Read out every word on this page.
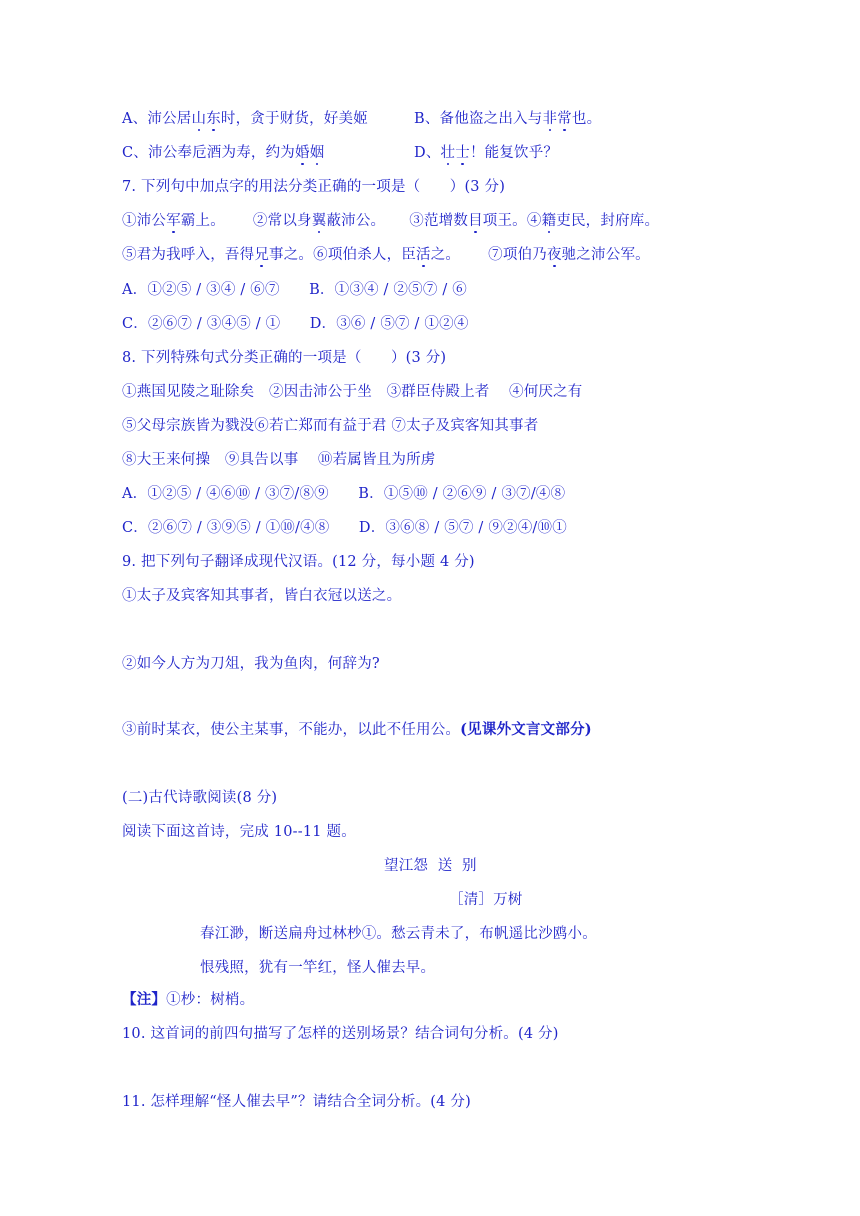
A、沛公居山东时，贪于财货，好美姬	B、备他盗之出入与非常也。
C、沛公奉卮酒为寿，约为婚姻	D、壮士！能复饮乎？
7. 下列句中加点字的用法分类正确的一项是（　　）(3 分)
①沛公军霸上。 ②常以身翼蔽沛公。 ③范增数目项王。④籍吏民，封府库。
⑤君为我呼入，吾得兄事之。⑥项伯杀人，臣活之。 ⑦项伯乃夜驰之沛公军。
A．①②⑤ / ③④ / ⑥⑦　　B．①③④ / ②⑤⑦ / ⑥
C．②⑥⑦ / ③④⑤ / ①　　D．③⑥ / ⑤⑦ / ①②④
8. 下列特殊句式分类正确的一项是（　　）(3 分)
①燕国见陵之耻除矣　②因击沛公于坐　③群臣侍殿上者　 ④何厌之有
⑤父母宗族皆为戮没⑥若亡郑而有益于君 ⑦太子及宾客知其事者
⑧大王来何操　⑨具告以事　 ⑩若属皆且为所虏
A．①②⑤ / ④⑥⑩ / ③⑦/⑧⑨　　B．①⑤⑩ / ②⑥⑨ / ③⑦/④⑧
C．②⑥⑦ / ③⑨⑤ / ①⑩/④⑧　　D．③⑥⑧ / ⑤⑦ / ⑨②④/⑩①
9. 把下列句子翻译成现代汉语。(12 分，每小题 4 分)
①太子及宾客知其事者，皆白衣冠以送之。
②如今人方为刀俎，我为鱼肉，何辞为?
③前时某衣，使公主某事，不能办，以此不任用公。(见课外文言文部分)
(二)古代诗歌阅读(8 分)
阅读下面这首诗，完成 10--11 题。
望江怨  送  别
［清］万树
春江渺，断送扁舟过林杪①。愁云青未了，布帆遥比沙鸥小。
恨残照，犹有一竿红，怪人催去早。
【注】①杪：树梢。
10. 这首词的前四句描写了怎样的送别场景？结合词句分析。(4 分)
11. 怎样理解“怪人催去早”？请结合全词分析。(4 分)
